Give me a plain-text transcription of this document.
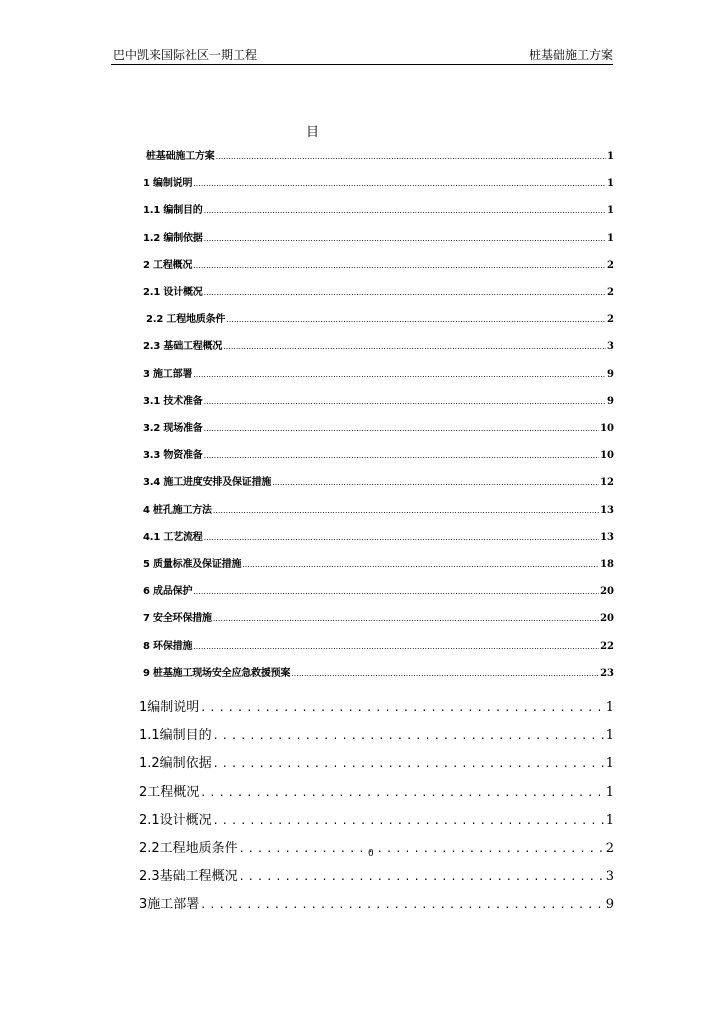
巴中凯来国际社区一期工程	桩基础施工方案
目
桩基础施工方案 .....	1
1 编制说明 .....	1
1.1 编制目的 .....	1
1.2 编制依据 .....	1
2 工程概况 .....	2
2.1 设计概况 .....	2
2.2 工程地质条件 .....	2
2.3 基础工程概况 .....	3
3 施工部署 .....	9
3.1 技术准备 .....	9
3.2 现场准备 .....	10
3.3 物资准备 .....	10
3.4 施工进度安排及保证措施 .....	12
4 桩孔施工方法 .....	13
4.1 工艺流程 .....	13
5 质量标准及保证措施 .....	18
6 成品保护 .....	20
7 安全环保措施 .....	20
8 环保措施 .....	22
9 桩基施工现场安全应急救援预案 .....	23
1编制说明 .....	1
1.1编制目的 .....	1
1.2编制依据 .....	1
2工程概况 .....	1
2.1设计概况 .....	1
2.2工程地质条件 .....	2
2.3基础工程概况 .....	3
3施工部署 .....	9
0
